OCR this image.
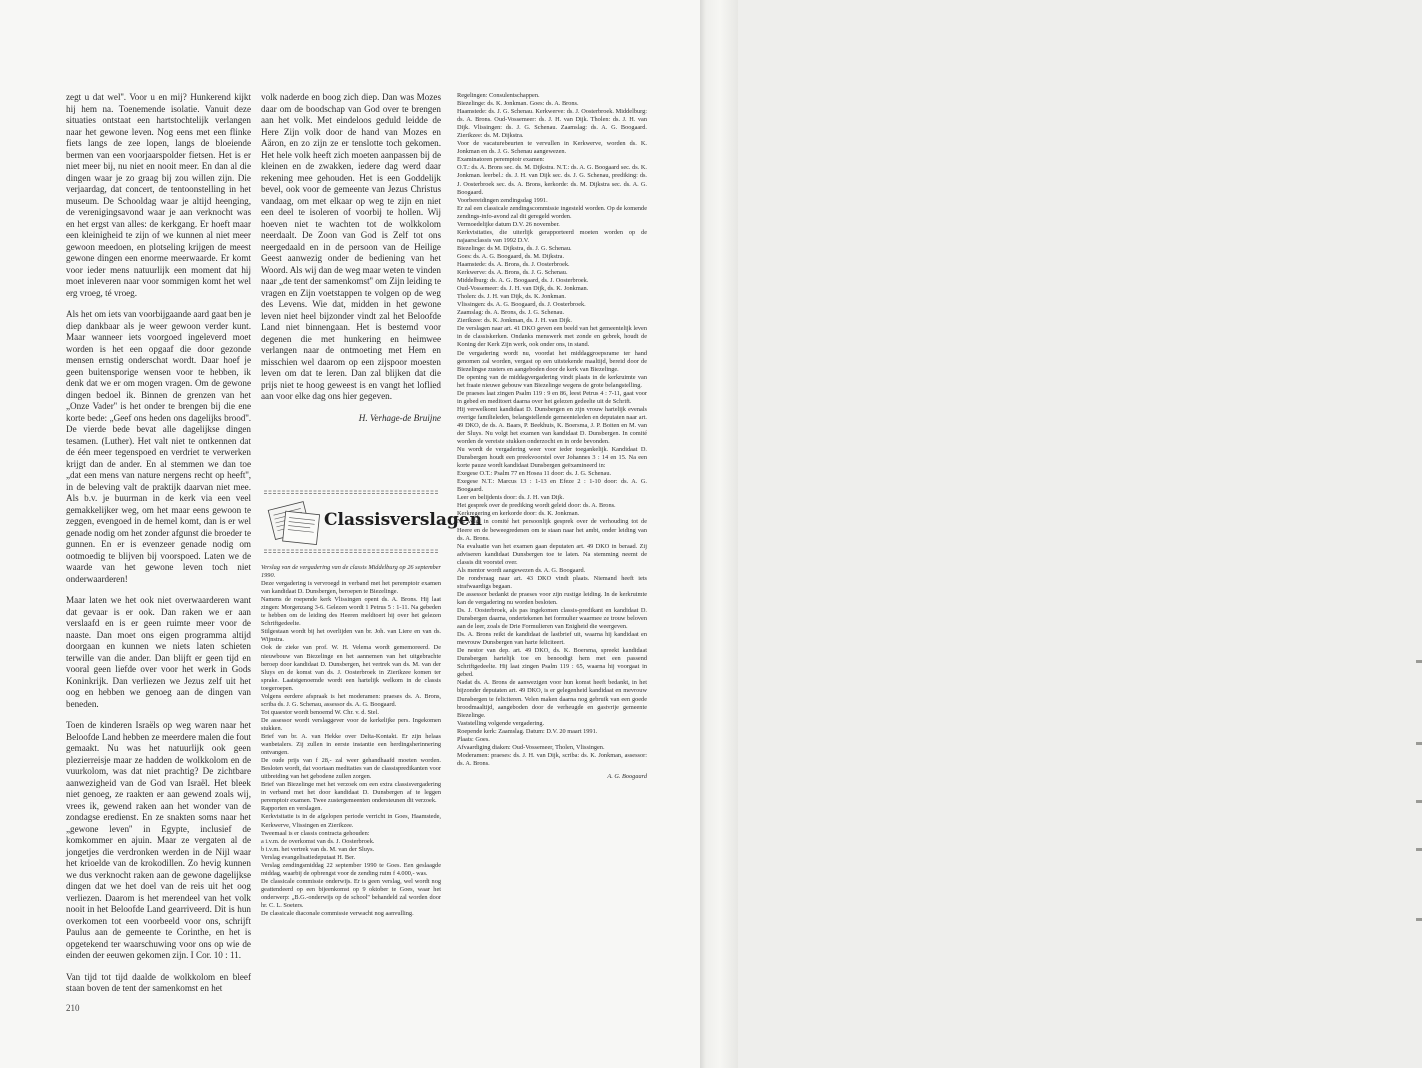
zegt u dat wel''. Voor u en mij? Hunkerend kijkt hij hem na. Toenemende isolatie. Vanuit deze situaties ontstaat een hartstochtelijk verlangen naar het gewone leven. Nog eens met een flinke fiets langs de zee lopen, langs de bloeiende bermen van een voorjaarspolder fietsen. Het is er niet meer bij, nu niet en nooit meer. En dan al die dingen waar je zo graag bij zou willen zijn. Die verjaardag, dat concert, de tentoonstelling in het museum. De Schooldag waar je altijd heenging, de verenigingsavond waar je aan verknocht was en het ergst van alles: de kerkgang. Er hoeft maar een kleinigheid te zijn of we kunnen al niet meer gewoon meedoen, en plotseling krijgen de meest gewone dingen een enorme meerwaarde. Er komt voor ieder mens natuurlijk een moment dat hij moet inleveren naar voor sommigen komt het wel erg vroeg, té vroeg.

Als het om iets van voorbijgaande aard gaat ben je diep dankbaar als je weer gewoon verder kunt. Maar wanneer iets voorgoed ingeleverd moet worden is het een opgaaf die door gezonde mensen ernstig onderschat wordt. Daar hoef je geen buitensporige wensen voor te hebben, ik denk dat we er om mogen vragen. Om de gewone dingen bedoel ik. Binnen de grenzen van het „Onze Vader'' is het onder te brengen bij die ene korte bede: „Geef ons heden ons dagelijks brood''. De vierde bede bevat alle dagelijkse dingen tesamen. (Luther). Het valt niet te ontkennen dat de één meer tegenspoed en verdriet te verwerken krijgt dan de ander. En al stemmen we dan toe „dat een mens van nature nergens recht op heeft'', in de beleving valt de praktijk daarvan niet mee. Als b.v. je buurman in de kerk via een veel gemakkelijker weg, om het maar eens gewoon te zeggen, evengoed in de hemel komt, dan is er wel genade nodig om het zonder afgunst die broeder te gunnen. En er is evenzeer genade nodig om ootmoedig te blijven bij voorspoed. Laten we de waarde van het gewone leven toch niet onderwaarderen!

Maar laten we het ook niet overwaarderen want dat gevaar is er ook. Dan raken we er aan verslaafd en is er geen ruimte meer voor de naaste. Dan moet ons eigen programma altijd doorgaan en kunnen we niets laten schieten terwille van die ander. Dan blijft er geen tijd en vooral geen liefde over voor het werk in Gods Koninkrijk. Dan verliezen we Jezus zelf uit het oog en hebben we genoeg aan de dingen van beneden.

Toen de kinderen Israëls op weg waren naar het Beloofde Land hebben ze meerdere malen die fout gemaakt. Nu was het natuurlijk ook geen plezierreisje maar ze hadden de wolkkolom en de vuurkolom, was dat niet prachtig? De zichtbare aanwezigheid van de God van Israël. Het bleek niet genoeg, ze raakten er aan gewend zoals wij, vrees ik, gewend raken aan het wonder van de zondagse eredienst. En ze snakten soms naar het „gewone leven'' in Egypte, inclusief de komkommer en ajuin. Maar ze vergaten al de jongetjes die verdronken werden in de Nijl waar het krioelde van de krokodillen. Zo hevig kunnen we dus verknocht raken aan de gewone dagelijkse dingen dat we het doel van de reis uit het oog verliezen. Daarom is het merendeel van het volk nooit in het Beloofde Land gearriveerd. Dit is hun overkomen tot een voorbeeld voor ons, schrijft Paulus aan de gemeente te Corinthe, en het is opgetekend ter waarschuwing voor ons op wie de einden der eeuwen gekomen zijn. I Cor. 10 : 11.

Van tijd tot tijd daalde de wolkkolom en bleef staan boven de tent der samenkomst en het

volk naderde en boog zich diep. Dan was Mozes daar om de boodschap van God over te brengen aan het volk. Met eindeloos geduld leidde de Here Zijn volk door de hand van Mozes en Aäron, en zo zijn ze er tenslotte toch gekomen. Het hele volk heeft zich moeten aanpassen bij de kleinen en de zwakken, iedere dag werd daar rekening mee gehouden. Het is een Goddelijk bevel, ook voor de gemeente van Jezus Christus vandaag, om met elkaar op weg te zijn en niet een deel te isoleren of voorbij te hollen. Wij hoeven niet te wachten tot de wolkkolom neerdaalt. De Zoon van God is Zelf tot ons neergedaald en in de persoon van de Heilige Geest aanwezig onder de bediening van het Woord. Als wij dan de weg maar weten te vinden naar „de tent der samenkomst'' om Zijn leiding te vragen en Zijn voetstappen te volgen op de weg des Levens. Wie dat, midden in het gewone leven niet heel bijzonder vindt zal het Beloofde Land niet binnengaan. Het is bestemd voor degenen die met hunkering en heimwee verlangen naar de ontmoeting met Hem en misschien wel daarom op een zijspoor moesten leven om dat te leren. Dan zal blijken dat die prijs niet te hoog geweest is en vangt het loflied aan voor elke dag ons hier gegeven.

H. Verhage-de Bruijne
Classisverslagen

Verslag van de vergadering van de classis Middelburg op 26 september 1990.

Deze vergadering is vervroegd in verband met het peremptoir examen van kandidaat D. Dunsbergen, beroepen te Biezelinge.

Namens de roepende kerk Vlissingen opent ds. A. Brons. Hij laat zingen: Morgenzang 3-6. Gelezen wordt 1 Petrus 5 : 1-11. Na gebeden te hebben om de leiding des Heeren meldtoert hij over het gelezen Schriftgedeelte.

Stilgestaan wordt bij het overlijden van br. Joh. van Liere en van ds. Wijnstra.

Ook de zieke van prof. W. H. Velema wordt gememoreerd. De nieuwbouw van Biezelinge en het aannemen van het uitgebrachte beroep door kandidaat D. Dunsbergen, het vertrek van ds. M. van der Sluys en de komst van ds. J. Oosterbroek in Zierikzee komen ter sprake. Laatstgenoemde wordt een hartelijk welkom in de classis toegeroepen.

Volgens eerdere afspraak is het moderamen: praeses ds. A. Brons, scriba ds. J. G. Schenau, assessor ds. A. G. Boogaard.

Tot quaestor wordt benoemd W. Chr. v. d. Stel.

De assessor wordt verslaggever voor de kerkelijke pers. Ingekomen stukken.

Brief van br. A. van Hekke over Delta-Kontakt. Er zijn helaas wanbetalers. Zij zullen in eerste instantie een herdingsherinnering ontvangen.

De oude prijs van f 28,- zal weer gehandhaafd moeten worden. Besloten wordt, dat voortaan meditaties van de classispredikanten voor uitbreiding van het gebodene zullen zorgen.

Brief van Biezelinge met het verzoek om een extra classisvergadering in verband met het door kandidaat D. Dunsbergen af te leggen peremptoir examen. Twee zustergemeenten ondersteunen dit verzoek.

Rapporten en verslagen.

Kerkvisitatie is in de afgelopen periode verricht in Goes, Haamstede, Kerkwerve, Vlissingen en Zierikzee.

Tweemaal is er classis contracta gehouden:

a i.v.m. de overkomst van ds. J. Oosterbroek.

b i.v.m. het vertrek van ds. M. van der Sluys.

Verslag evangelisatiedeputaat H. Ber.

Verslag zendingsmiddag 22 september 1990 te Goes. Een geslaagde middag, waarbij de opbrengst voor de zending ruim f 4.000,- was.

De classicale commissie onderwijs. Er is geen verslag, wel wordt nog geattendeerd op een bijeenkomst op 9 oktober te Goes, waar het onderwerp: „B.G.-onderwijs op de school'' behandeld zal worden door hr. C. L. Soeters.

De classicale diaconale commissie verwacht nog aanvulling.

Regelingen: Consulentschappen.

Biezelinge: ds. K. Jonkman. Goes: ds. A. Brons.

Haamstede: ds. J. G. Schenau. Kerkwerve: ds. J. Oosterbroek. Middelburg: ds. A. Brons. Oud-Vossemeer: ds. J. H. van Dijk. Tholen: ds. J. H. van Dijk. Vlissingen: ds. J. G. Schenau. Zaamslag: ds. A. G. Boogaard. Zierikzee: ds. M. Dijkstra.

Voor de vacaturebeurten te vervullen in Kerkwerve, worden ds. K. Jonkman en ds. J. G. Schenau aangewezen.

Examinatoren peremptoir examen:

O.T.: ds. A. Brons sec. ds. M. Dijkstra. N.T.: ds. A. G. Boogaard sec. ds. K. Jonkman. leerbel.: ds. J. H. van Dijk sec. ds. J. G. Schenau, prediking: ds. J. Oosterbroek sec. ds. A. Brons, kerkorde: ds. M. Dijkstra sec. ds. A. G. Boogaard.

Voorbereidingen zendingsdag 1991.

Er zal een classicale zendingscommissie ingesteld worden. Op de komende zendings-info-avond zal dit geregeld worden.

Vermoedelijke datum D.V. 26 november.

Kerkvisitaties, die uiterlijk gerapporteerd moeten worden op de najaarsclassis van 1992 D.V.

Biezelinge: ds M. Dijkstra, ds. J. G. Schenau.

Goes: ds. A. G. Boogaard, ds. M. Dijkstra.

Haamstede: ds. A. Brons, ds. J. Oosterbroek.

Kerkwerve: ds. A. Brons, ds. J. G. Schenau.

Middelburg: ds. A. G. Boogaard, ds. J. Oosterbroek.

Oud-Vossemeer: ds. J. H. van Dijk, ds. K. Jonkman.

Tholen: ds. J. H. van Dijk, ds. K. Jonkman.

Vlissingen: ds. A. G. Boogaard, ds. J. Oosterbroek.

Zaamslag: ds. A. Brons, ds. J. G. Schenau.

Zierikzee: ds. K. Jonkman, ds. J. H. van Dijk.

De verslagen naar art. 41 DKO geven een beeld van het gemeentelijk leven in de classiskerken. Ondanks menswerk met zonde en gebrek, houdt de Koning der Kerk Zijn werk, ook onder ons, in stand.

De vergadering wordt nu, voordat het middaggroepsrame ter hand genomen zal worden, vergast op een uitstekende maaltijd, bereid door de Biezelingse zusters en aangeboden door de kerk van Biezelinge.

De opening van de middagvergadering vindt plaats in de kerkruimte van het fraaie nieuwe gebouw van Biezelinge wegens de grote belangstelling.

De praeses laat zingen Psalm 119 : 9 en 86, leest Petrus 4 : 7-11, gaat voor in gebed en meditoert daarna over het gelezen gedeelte uit de Schrift.

Hij verwelkomt kandidaat D. Dunsbergen en zijn vrouw hartelijk evenals overige familieleden, belangstellende gemeenteleden en deputaten naar art. 49 DKO, de ds. A. Baars, P. Beekhuis, K. Boersma, J. P. Boiten en M. van der Sluys. Nu volgt het examen van kandidaat D. Dunsbergen. In comité worden de vereiste stukken onderzocht en in orde bevonden.

Nu wordt de vergadering weer voor ieder toegankelijk. Kandidaat D. Dunsbergen houdt een preekvoorstel over Johannes 3 : 14 en 15. Na een korte pauze wordt kandidaat Dunsbergen geëxamineerd in:

Exegese O.T.: Psalm 77 en Hosea 11 door: ds. J. G. Schenau.

Exegese N.T.: Marcus 13 : 1-13 en Efeze 2 : 1-10 door: ds. A. G. Boogaard.

Leer en belijdenis door: ds. J. H. van Dijk.

Het gesprek over de prediking wordt geleid door: ds. A. Brons.

Kerkregering en kerkorde door: ds. K. Jonkman.

Nu volgt in comité het persoonlijk gesprek over de verhouding tot de Heere en de beweegredenen om te staan naar het ambt, onder leiding van ds. A. Brons.

Na evaluatie van het examen gaan deputaten art. 49 DKO in beraad. Zij adviseren kandidaat Dunsbergen toe te laten. Na stemming neemt de classis dit voorstel over.

Als mentor wordt aangewezen ds. A. G. Boogaard.

De rondvraag naar art. 43 DKO vindt plaats. Niemand heeft iets strafwaardigs begaan.

De assessor bedankt de praeses voor zijn rustige leiding. In de kerkruimte kan de vergadering nu worden besloten.

Ds. J. Oosterbroek, als pas ingekomen classis-predikant en kandidaat D. Dunsbergen daarna, ondertekenen het formulier waarmee ze trouw beloven aan de leer, zoals de Drie Formulieren van Enigheid die weergeven.

Ds. A. Brons reikt de kandidaat de lastbrief uit, waarna hij kandidaat en mevrouw Dunsbergen van harte feliciteert.

De nestor van dep. art. 49 DKO, ds. K. Boersma, spreekt kandidaat Dunsbergen hartelijk toe en benoodigt hem met een passend Schriftgedeelte. Hij laat zingen Psalm 119 : 65, waarna hij voorgaat in gebed.

Nadat ds. A. Brons de aanwezigen voor hun komst heeft bedankt, in het bijzonder deputaten art. 49 DKO, is er gelegenheid kandidaat en mevrouw Dunsbergen te feliciteren. Velen maken daarna nog gebruik van een goede broodmaaltijd, aangeboden door de verheugde en gastvrije gemeente Biezelinge.

Vaststelling volgende vergadering.

Roepende kerk: Zaamslag. Datum: D.V. 20 maart 1991.

Plaats: Goes.

Afvaardiging diaken: Oud-Vossemeer, Tholen, Vlissingen.

Moderamen: praeses: ds. J. H. van Dijk, scriba: ds. K. Jonkman, assessor: ds. A. Brons.

A. G. Boogaard
210
